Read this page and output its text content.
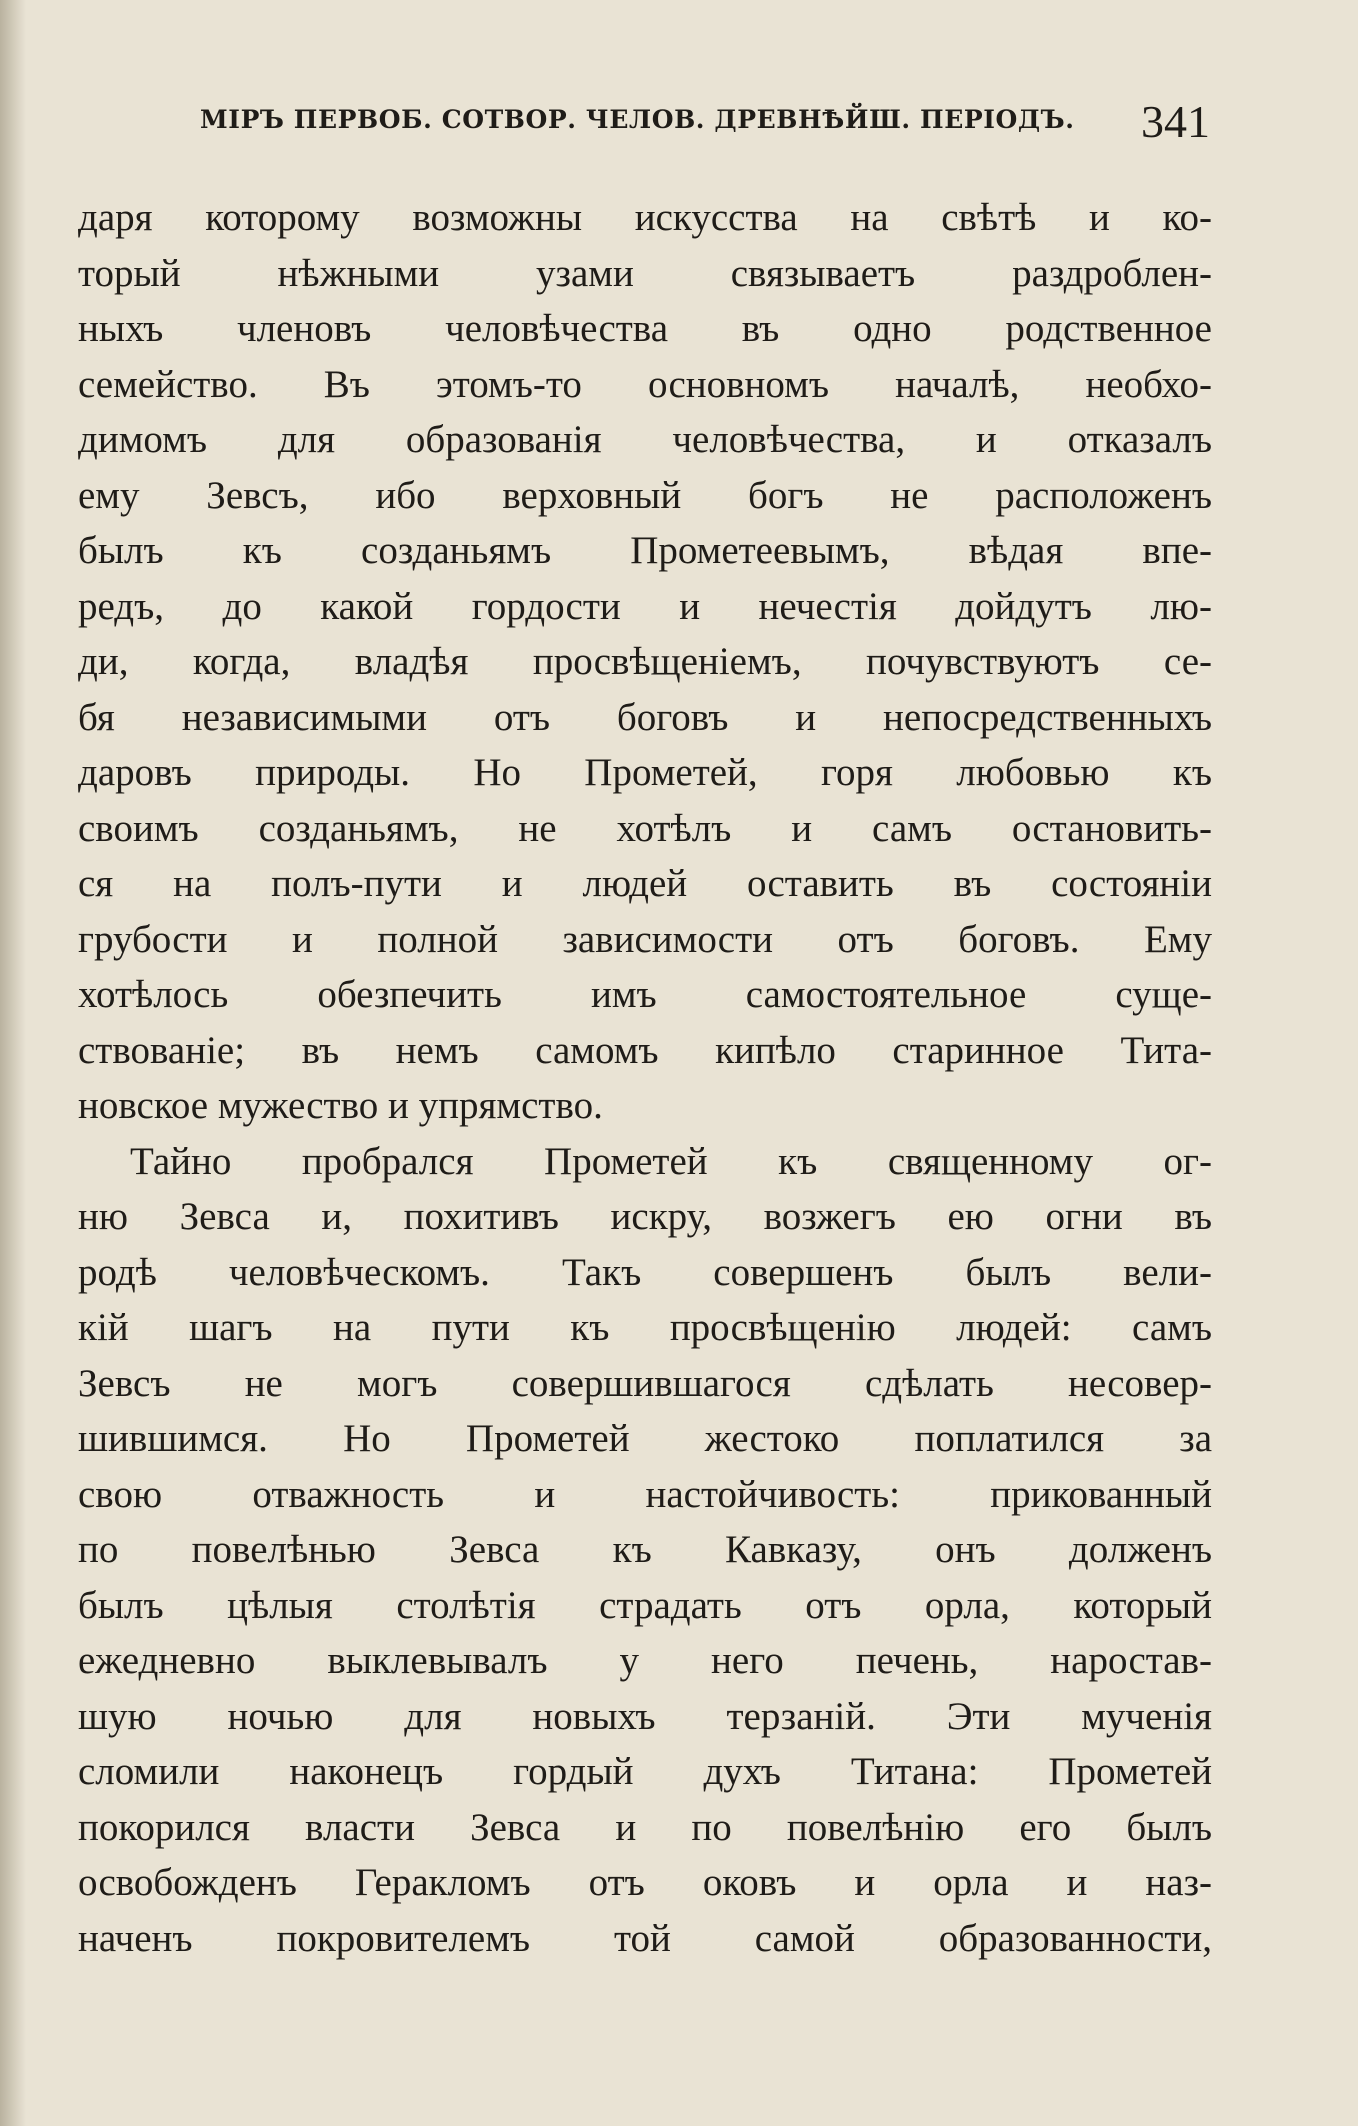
МІРЪ ПЕРВОБ. СОТВОР. ЧЕЛОВ. ДРЕВНѢЙШ. ПЕРІОДЪ. 341
даря которому возможны искусства на свѣтѣ и ко-
торый нѣжными узами связываетъ раздроблен-
ныхъ членовъ человѣчества въ одно родственное
семейство. Въ этомъ-то основномъ началѣ, необхо-
димомъ для образованія человѣчества, и отказалъ
ему Зевсъ, ибо верховный богъ не расположенъ
былъ къ созданьямъ Прометеевымъ, вѣдая впе-
редъ, до какой гордости и нечестія дойдутъ лю-
ди, когда, владѣя просвѣщеніемъ, почувствуютъ се-
бя независимыми отъ боговъ и непосредственныхъ
даровъ природы. Но Прометей, горя любовью къ
своимъ созданьямъ, не хотѣлъ и самъ остановить-
ся на полъ-пути и людей оставить въ состояніи
грубости и полной зависимости отъ боговъ. Ему
хотѣлось обезпечить имъ самостоятельное суще-
ствованіе; въ немъ самомъ кипѣло старинное Тита-
новское мужество и упрямство.
Тайно пробрался Прометей къ священному ог-
ню Зевса и, похитивъ искру, возжегъ ею огни въ
родѣ человѣческомъ. Такъ совершенъ былъ вели-
кій шагъ на пути къ просвѣщенію людей: самъ
Зевсъ не могъ совершившагося сдѣлать несовер-
шившимся. Но Прометей жестоко поплатился за
свою отважность и настойчивость: прикованный
по повелѣнью Зевса къ Кавказу, онъ долженъ
былъ цѣлыя столѣтія страдать отъ орла, который
ежедневно выклевывалъ у него печень, наростав-
шую ночью для новыхъ терзаній. Эти мученія
сломили наконецъ гордый духъ Титана: Прометей
покорился власти Зевса и по повелѣнію его былъ
освобожденъ Геракломъ отъ оковъ и орла и наз-
наченъ покровителемъ той самой образованности,
